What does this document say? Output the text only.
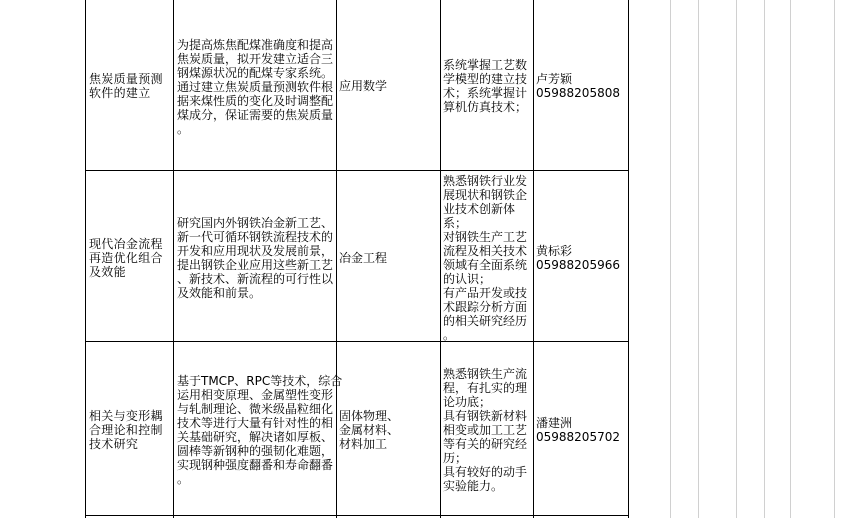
焦炭质量预测
软件的建立
为提高炼焦配煤准确度和提高
焦炭质量，拟开发建立适合三
钢煤源状况的配煤专家系统。
通过建立焦炭质量预测软件根
据来煤性质的变化及时调整配
煤成分，保证需要的焦炭质量
。
应用数学
系统掌握工艺数
学模型的建立技
术；系统掌握计
算机仿真技术；
卢芳颖
05988205808
现代冶金流程
再造优化组合
及效能
研究国内外钢铁冶金新工艺、
新一代可循环钢铁流程技术的
开发和应用现状及发展前景，
提出钢铁企业应用这些新工艺
、新技术、新流程的可行性以
及效能和前景。
冶金工程
熟悉钢铁行业发
展现状和钢铁企
业技术创新体
系；
对钢铁生产工艺
流程及相关技术
领域有全面系统
的认识；
有产品开发或技
术跟踪分析方面
的相关研究经历
。
黄标彩
05988205966
相关与变形耦
合理论和控制
技术研究
基于TMCP、RPC等技术，综合
运用相变原理、金属塑性变形
与轧制理论、微米级晶粒细化
技术等进行大量有针对性的相
关基础研究，解决诸如厚板、
圆棒等新钢种的强韧化难题，
实现钢种强度翻番和寿命翻番
。
固体物理、
金属材料、
材料加工
熟悉钢铁生产流
程，有扎实的理
论功底；
具有钢铁新材料
相变或加工工艺
等有关的研究经
历；
具有较好的动手
实验能力。
潘建洲
05988205702
